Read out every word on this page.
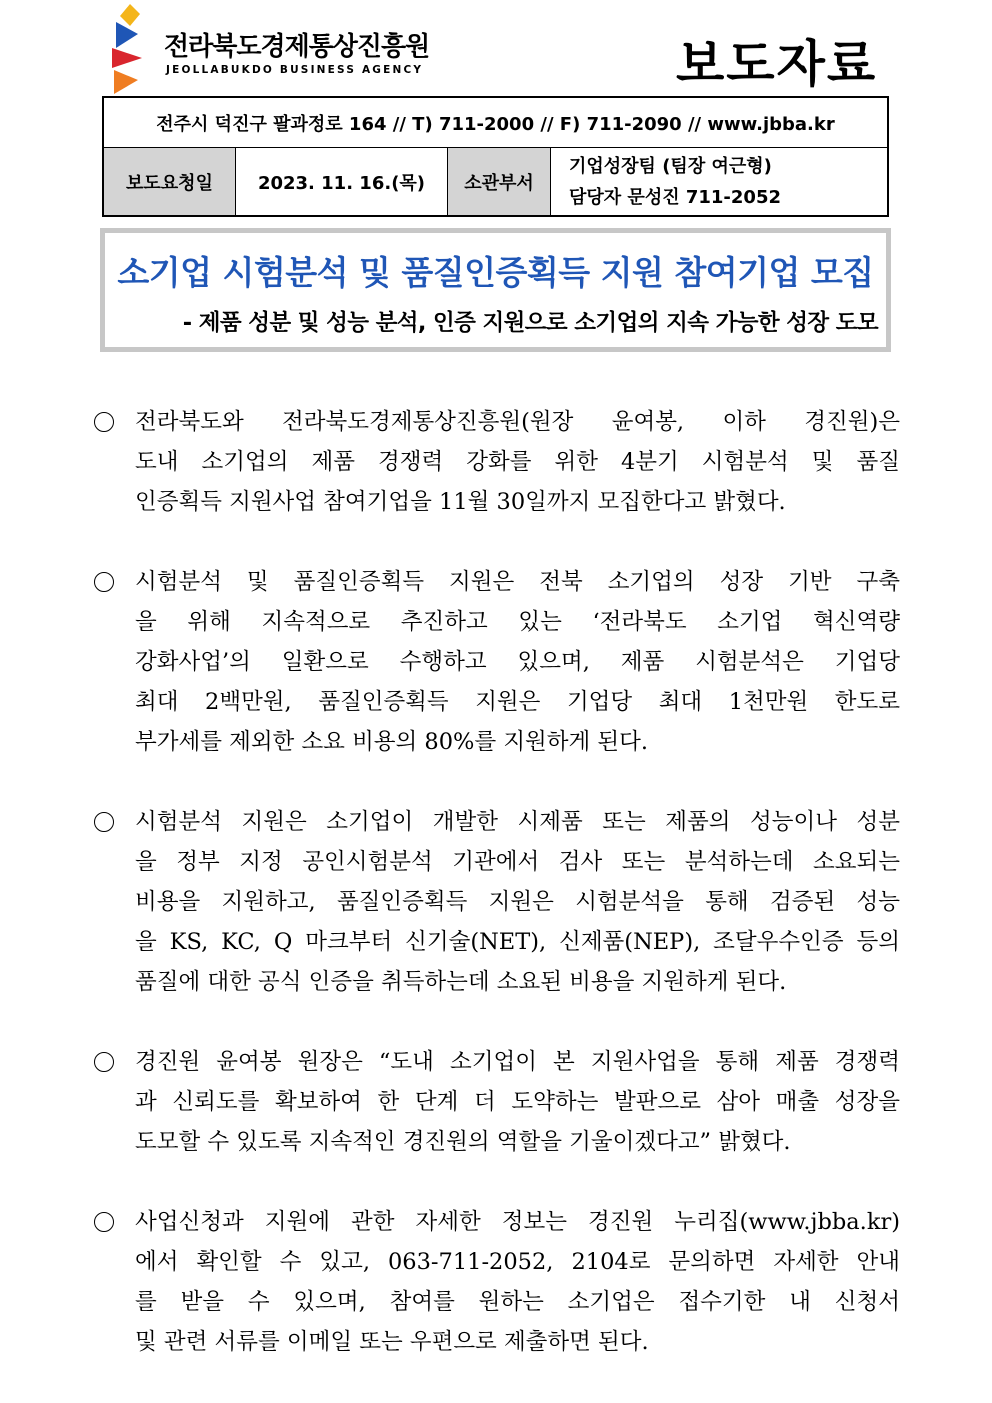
전라북도경제통상진흥원
JEOLLABUKDO BUSINESS AGENCY	보도자료
전주시 덕진구 팔과정로 164 // T) 711-2000 // F) 711-2090 // www.jbba.kr
보도요청일	2023. 11. 16.(목)	소관부서
기업성장팀 (팀장 여근형)
담당자 문성진 711-2052
소기업 시험분석 및 품질인증획득 지원 참여기업 모집
- 제품 성분 및 성능 분석, 인증 지원으로 소기업의 지속 가능한 성장 도모
전라북도와 전라북도경제통상진흥원(원장 윤여봉, 이하 경진원)은
도내 소기업의 제품 경쟁력 강화를 위한 4분기 시험분석 및 품질
인증획득 지원사업 참여기업을 11월 30일까지 모집한다고 밝혔다.
시험분석 및 품질인증획득 지원은 전북 소기업의 성장 기반 구축
을 위해 지속적으로 추진하고 있는 ‘전라북도 소기업 혁신역량
강화사업’의 일환으로 수행하고 있으며, 제품 시험분석은 기업당
최대 2백만원, 품질인증획득 지원은 기업당 최대 1천만원 한도로
부가세를 제외한 소요 비용의 80%를 지원하게 된다.
시험분석 지원은 소기업이 개발한 시제품 또는 제품의 성능이나 성분
을 정부 지정 공인시험분석 기관에서 검사 또는 분석하는데 소요되는
비용을 지원하고, 품질인증획득 지원은 시험분석을 통해 검증된 성능
을 KS, KC, Q 마크부터 신기술(NET), 신제품(NEP), 조달우수인증 등의
품질에 대한 공식 인증을 취득하는데 소요된 비용을 지원하게 된다.
경진원 윤여봉 원장은 “도내 소기업이 본 지원사업을 통해 제품 경쟁력
과 신뢰도를 확보하여 한 단계 더 도약하는 발판으로 삼아 매출 성장을
도모할 수 있도록 지속적인 경진원의 역할을 기울이겠다고” 밝혔다.
사업신청과 지원에 관한 자세한 정보는 경진원 누리집(www.jbba.kr)
에서 확인할 수 있고, 063-711-2052, 2104로 문의하면 자세한 안내
를 받을 수 있으며, 참여를 원하는 소기업은 접수기한 내 신청서
및 관련 서류를 이메일 또는 우편으로 제출하면 된다.
